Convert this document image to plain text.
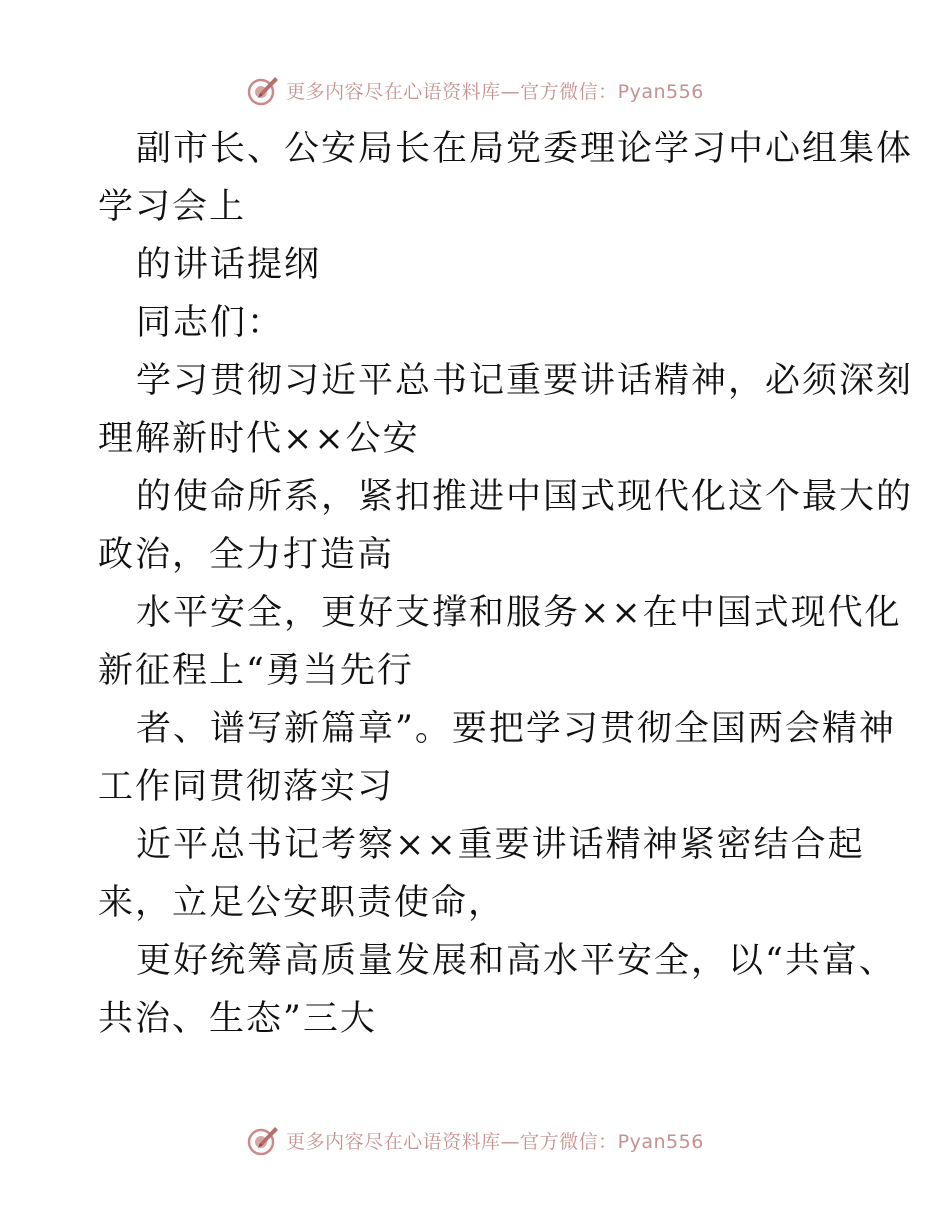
更多内容尽在心语资料库—官方微信：Pyan556
副市长、公安局长在局党委理论学习中心组集体
学习会上
的讲话提纲
同志们：
学习贯彻习近平总书记重要讲话精神，必须深刻
理解新时代××公安
的使命所系，紧扣推进中国式现代化这个最大的
政治，全力打造高
水平安全，更好支撑和服务××在中国式现代化
新征程上“勇当先行
者、谱写新篇章”。要把学习贯彻全国两会精神
工作同贯彻落实习
近平总书记考察××重要讲话精神紧密结合起
来，立足公安职责使命，
更好统筹高质量发展和高水平安全，以“共富、
共治、生态”三大
更多内容尽在心语资料库—官方微信：Pyan556
